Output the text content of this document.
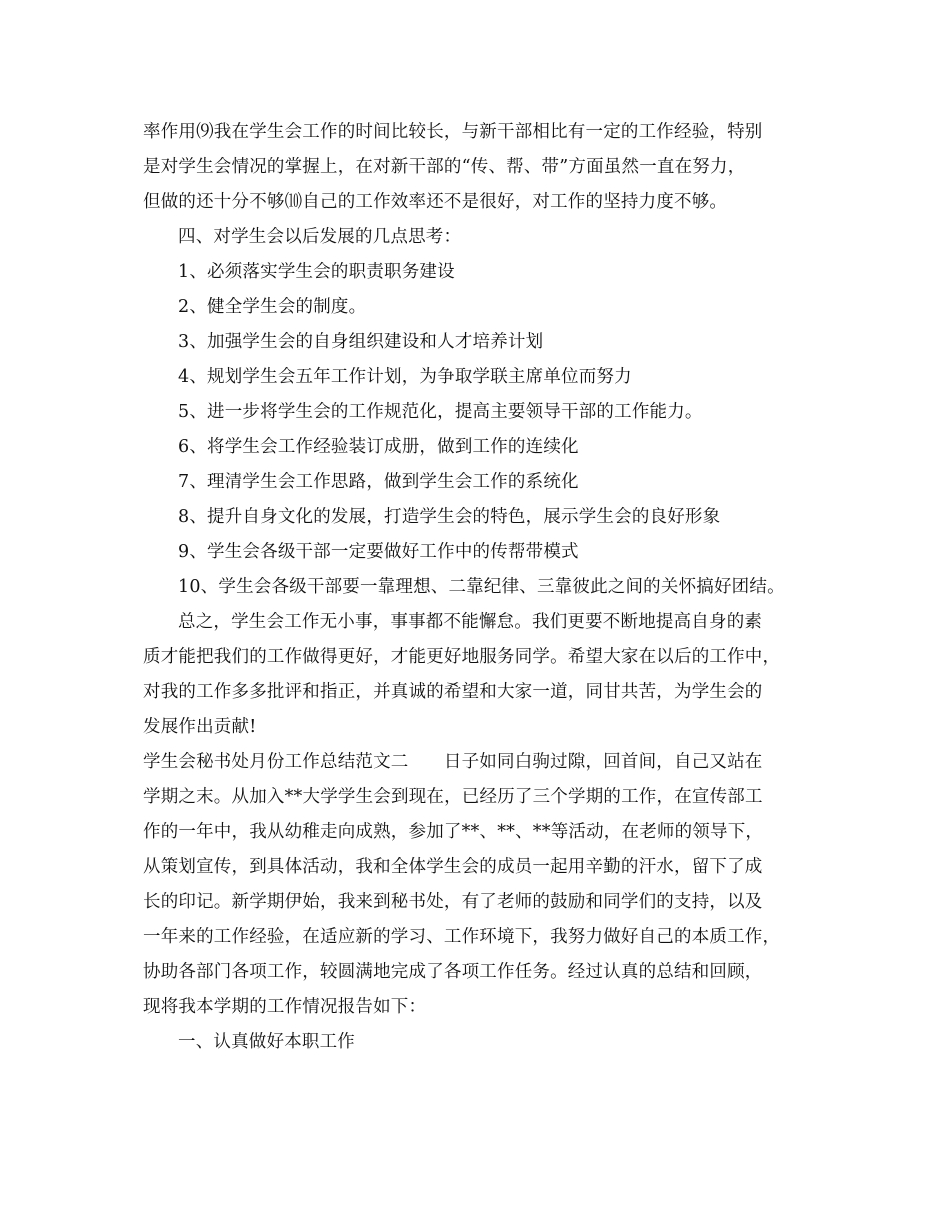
率作用⑼我在学生会工作的时间比较长，与新干部相比有一定的工作经验，特别
是对学生会情况的掌握上，在对新干部的“传、帮、带”方面虽然一直在努力，
但做的还十分不够⑽自己的工作效率还不是很好，对工作的坚持力度不够。
四、对学生会以后发展的几点思考：
1、必须落实学生会的职责职务建设
2、健全学生会的制度。
3、加强学生会的自身组织建设和人才培养计划
4、规划学生会五年工作计划，为争取学联主席单位而努力
5、进一步将学生会的工作规范化，提高主要领导干部的工作能力。
6、将学生会工作经验装订成册，做到工作的连续化
7、理清学生会工作思路，做到学生会工作的系统化
8、提升自身文化的发展，打造学生会的特色，展示学生会的良好形象
9、学生会各级干部一定要做好工作中的传帮带模式
10、学生会各级干部要一靠理想、二靠纪律、三靠彼此之间的关怀搞好团结。
总之，学生会工作无小事，事事都不能懈怠。我们更要不断地提高自身的素
质才能把我们的工作做得更好，才能更好地服务同学。希望大家在以后的工作中，
对我的工作多多批评和指正，并真诚的希望和大家一道，同甘共苦，为学生会的
发展作出贡献!
学生会秘书处月份工作总结范文二　　日子如同白驹过隙，回首间，自己又站在
学期之末。从加入**大学学生会到现在，已经历了三个学期的工作，在宣传部工
作的一年中，我从幼稚走向成熟，参加了**、**、**等活动，在老师的领导下，
从策划宣传，到具体活动，我和全体学生会的成员一起用辛勤的汗水，留下了成
长的印记。新学期伊始，我来到秘书处，有了老师的鼓励和同学们的支持，以及
一年来的工作经验，在适应新的学习、工作环境下，我努力做好自己的本质工作，
协助各部门各项工作，较圆满地完成了各项工作任务。经过认真的总结和回顾，
现将我本学期的工作情况报告如下：
一、认真做好本职工作
